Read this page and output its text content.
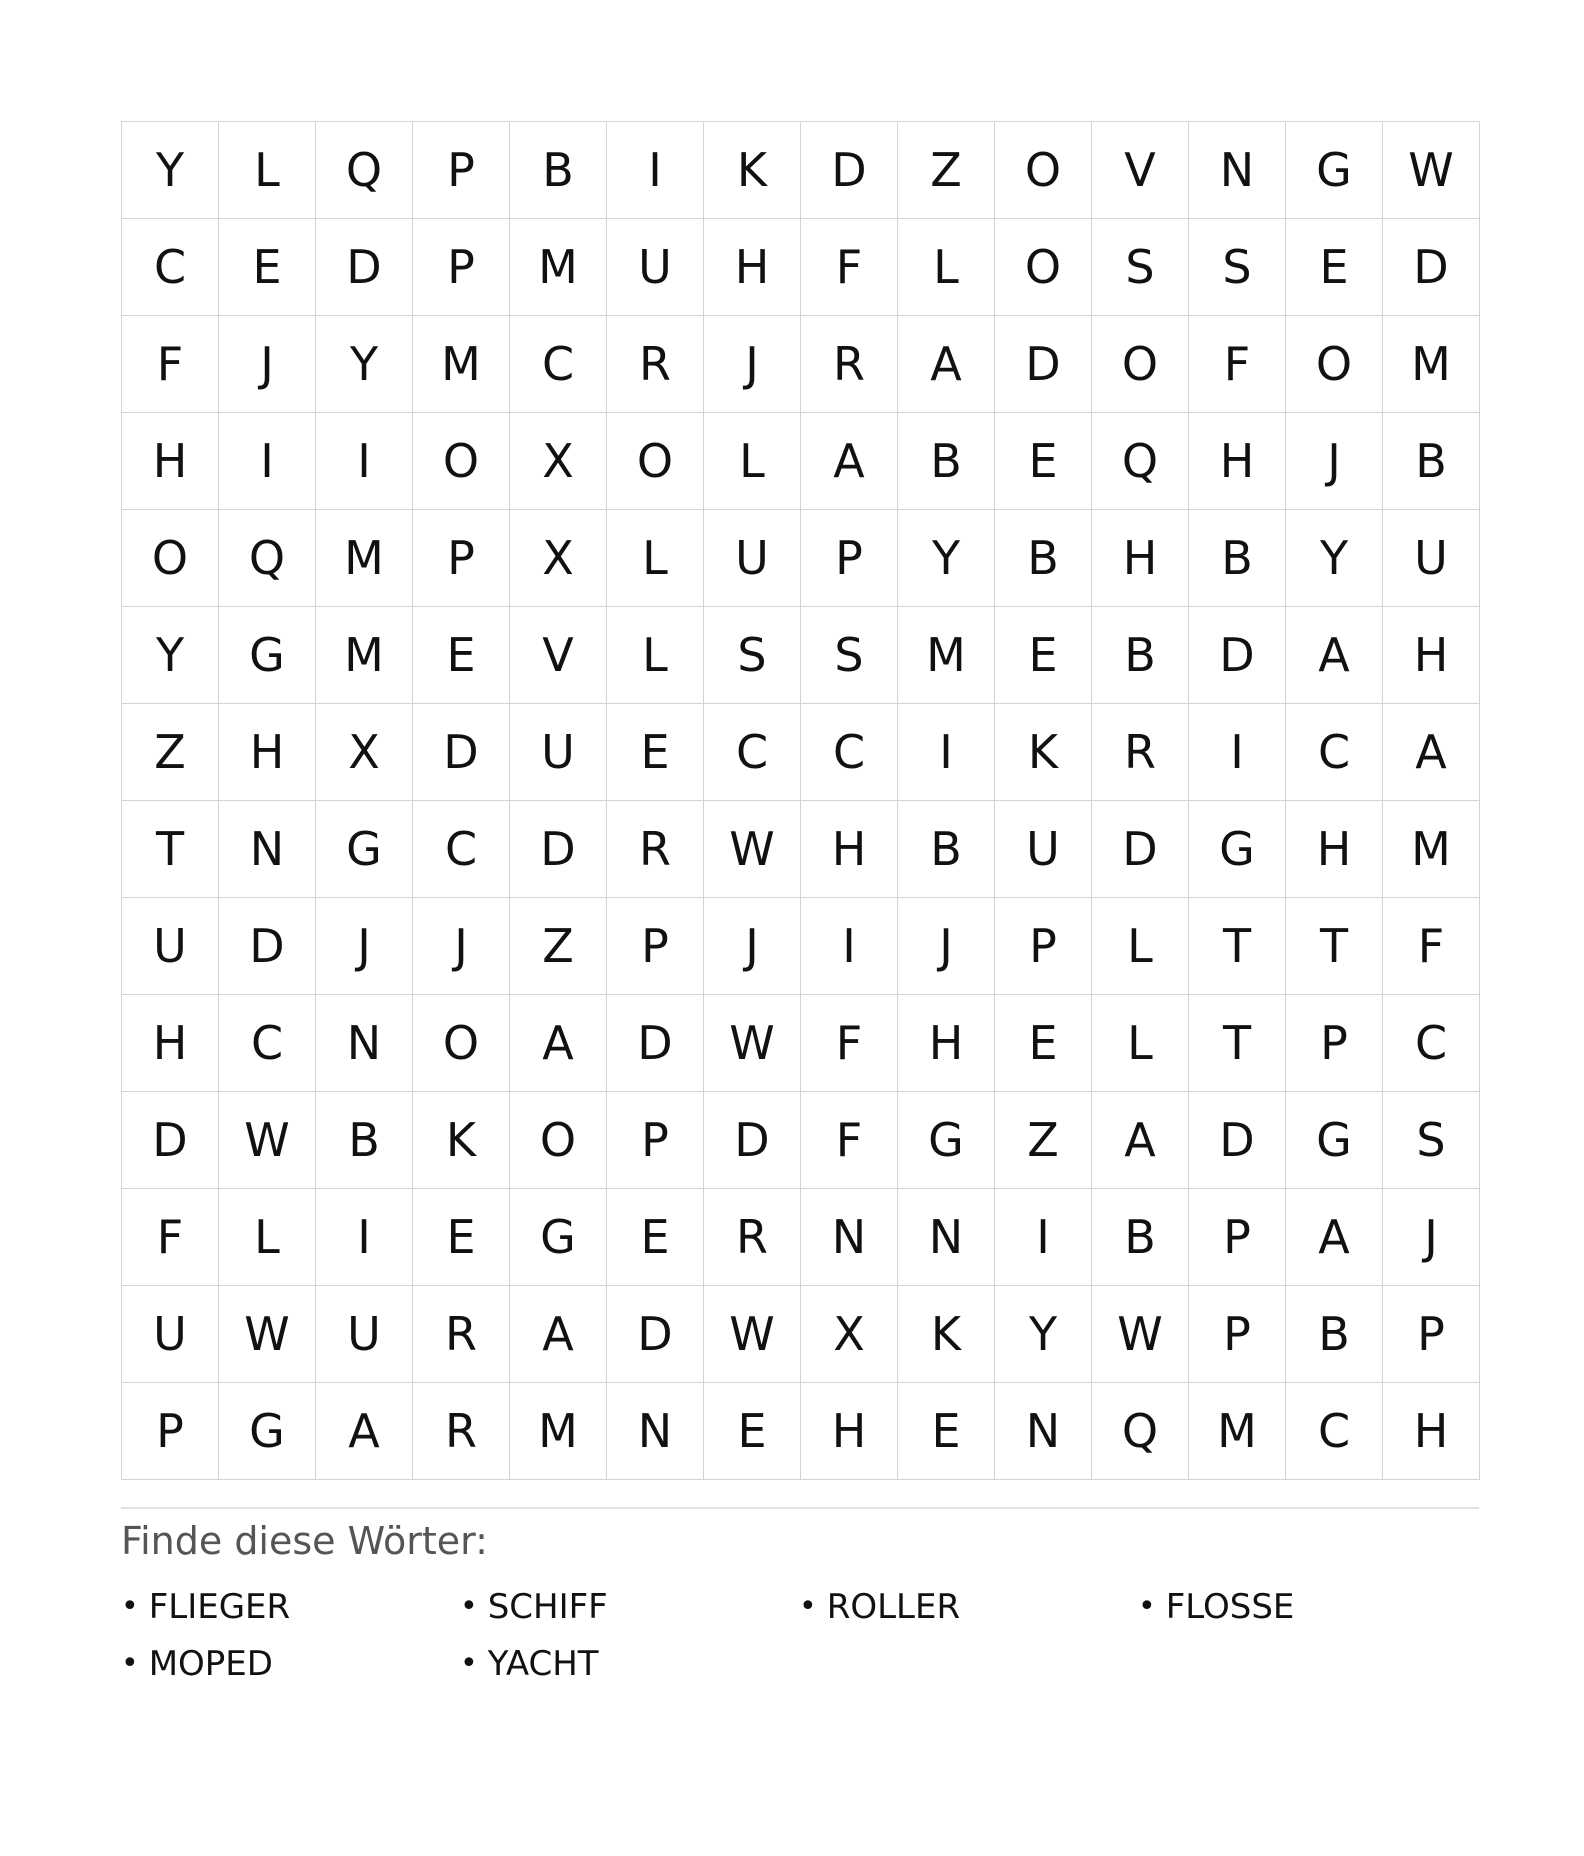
Y	L	Q	P	B	I	K	D	Z	O	V	N	G	W
C	E	D	P	M	U	H	F	L	O	S	S	E	D
F	J	Y	M	C	R	J	R	A	D	O	F	O	M
H	I	I	O	X	O	L	A	B	E	Q	H	J	B
O	Q	M	P	X	L	U	P	Y	B	H	B	Y	U
Y	G	M	E	V	L	S	S	M	E	B	D	A	H
Z	H	X	D	U	E	C	C	I	K	R	I	C	A
T	N	G	C	D	R	W	H	B	U	D	G	H	M
U	D	J	J	Z	P	J	I	J	P	L	T	T	F
H	C	N	O	A	D	W	F	H	E	L	T	P	C
D	W	B	K	O	P	D	F	G	Z	A	D	G	S
F	L	I	E	G	E	R	N	N	I	B	P	A	J
U	W	U	R	A	D	W	X	K	Y	W	P	B	P
P	G	A	R	M	N	E	H	E	N	Q	M	C	H
Finde diese Wörter:
• FLIEGER	• SCHIFF	• ROLLER	• FLOSSE
• MOPED	• YACHT
